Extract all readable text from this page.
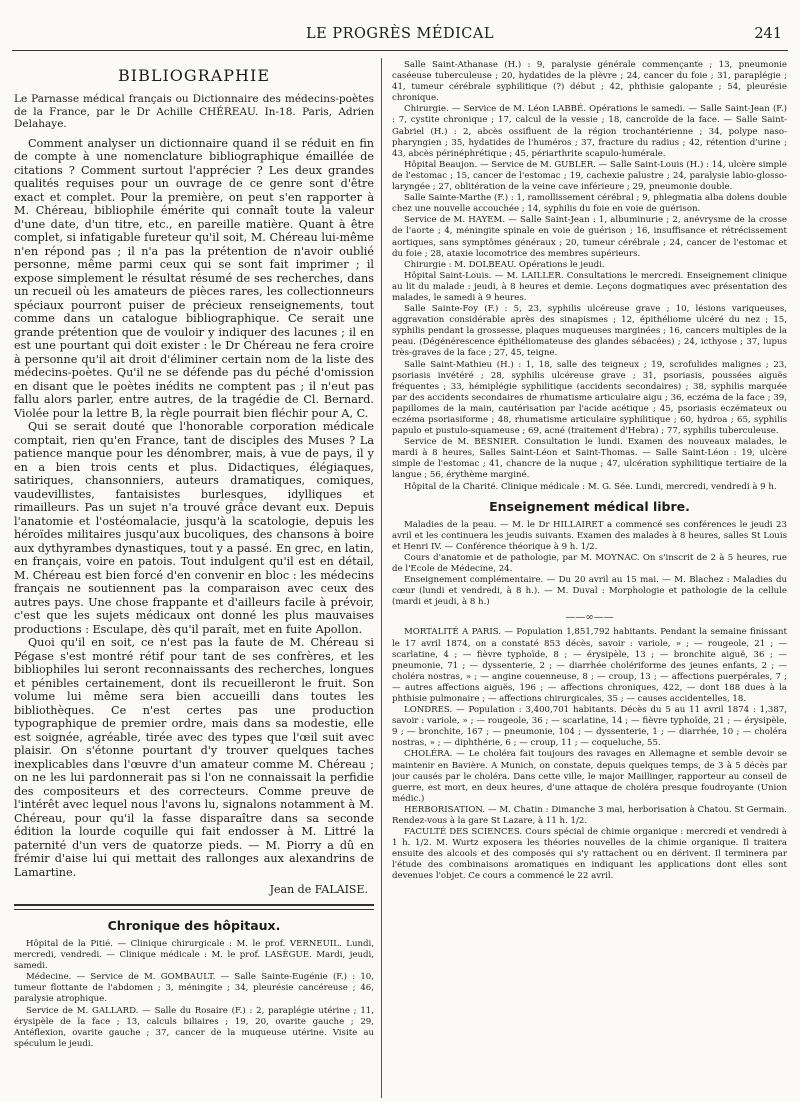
LE PROGRÈS MÉDICAL	241
BIBLIOGRAPHIE

Le Parnasse médical français ou Dictionnaire des médecins-poètes de la France, par le Dr Achille CHÉREAU. In-18. Paris, Adrien Delahaye.

Comment analyser un dictionnaire quand il se réduit en fin de compte à une nomenclature bibliographique émaillée de citations ? Comment surtout l'apprécier ? Les deux grandes qualités requises pour un ouvrage de ce genre sont d'être exact et complet. Pour la première, on peut s'en rapporter à M. Chéreau, bibliophile émérite qui connaît toute la valeur d'une date, d'un titre, etc., en pareille matière. Quant à être complet, si infatigable fureteur qu'il soit, M. Chéreau lui-même n'en répond pas ; il n'a pas la prétention de n'avoir oublié personne, même parmi ceux qui se sont fait imprimer ; il expose simplement le résultat résumé de ses recherches, dans un recueil où les amateurs de pièces rares, les collectionneurs spéciaux pourront puiser de précieux renseignements, tout comme dans un catalogue bibliographique. Ce serait une grande prétention que de vouloir y indiquer des lacunes ; il en est une pourtant qui doit exister : le Dr Chéreau ne fera croire à personne qu'il ait droit d'éliminer certain nom de la liste des médecins-poètes. Qu'il ne se défende pas du péché d'omission en disant que le poètes inédits ne comptent pas ; il n'eut pas fallu alors parler, entre autres, de la tragédie de Cl. Bernard. Violée pour la lettre B, la règle pourrait bien fléchir pour A, C.

Qui se serait douté que l'honorable corporation médicale comptait, rien qu'en France, tant de disciples des Muses ? La patience manque pour les dénombrer, mais, à vue de pays, il y en a bien trois cents et plus. Didactiques, élégiaques, satiriques, chansonniers, auteurs dramatiques, comiques, vaudevillistes, fantaisistes burlesques, idylliques et rimailleurs. Pas un sujet n'a trouvé grâce devant eux. Depuis l'anatomie et l'ostéomalacie, jusqu'à la scatologie, depuis les héroïdes militaires jusqu'aux bucoliques, des chansons à boire aux dythyrambes dynastiques, tout y a passé. En grec, en latin, en français, voire en patois. Tout indulgent qu'il est en détail, M. Chéreau est bien forcé d'en convenir en bloc : les médecins français ne soutiennent pas la comparaison avec ceux des autres pays. Une chose frappante et d'ailleurs facile à prévoir, c'est que les sujets médicaux ont donné les plus mauvaises productions : Esculape, dès qu'il paraît, met en fuite Apollon.

Quoi qu'il en soit, ce n'est pas la faute de M. Chéreau si Pégase s'est montré rétif pour tant de ses confrères, et les bibliophiles lui seront reconnaissants des recherches, longues et pénibles certainement, dont ils recueilleront le fruit. Son volume lui même sera bien accueilli dans toutes les bibliothèques. Ce n'est certes pas une production typographique de premier ordre, mais dans sa modestie, elle est soignée, agréable, tirée avec des types que l'œil suit avec plaisir. On s'étonne pourtant d'y trouver quelques taches inexplicables dans l'œuvre d'un amateur comme M. Chéreau ; on ne les lui pardonnerait pas si l'on ne connaissait la perfidie des compositeurs et des correcteurs. Comme preuve de l'intérêt avec lequel nous l'avons lu, signalons notamment à M. Chéreau, pour qu'il la fasse disparaître dans sa seconde édition la lourde coquille qui fait endosser à M. Littré la paternité d'un vers de quatorze pieds. — M. Piorry a dû en frémir d'aise lui qui mettait des rallonges aux alexandrins de Lamartine.

Jean de FALAISE.
Chronique des hôpitaux.

Hôpital de la Pitié. — Clinique chirurgicale : M. le prof. VERNEUIL. Lundi, mercredi, vendredi. — Clinique médicale : M. le prof. LASÈGUE. Mardi, jeudi, samedi.

Médecine. — Service de M. GOMBAULT. — Salle Sainte-Eugénie (F.) : 10, tumeur flottante de l'abdomen ; 3, méningite ; 34, pleurésie cancéreuse ; 46, paralysie atrophique.

Service de M. GALLARD. — Salle du Rosaire (F.) : 2, paraplégie utérine ; 11, érysipèle de la face ; 13, calculs biliaires ; 19, 20, ovarite gauche ; 29, Antéflexion, ovarite gauche ; 37, cancer de la muqueuse utérine. Visite au spéculum le jeudi.

Salle Saint-Athanase (H.) : 9, paralysie générale commençante ; 13, pneumonie caséeuse tuberculeuse ; 20, hydatides de la plèvre ; 24, cancer du foie ; 31, paraplégie ; 41, tumeur cérébrale syphilitique (?) début ; 42, phthisie galopante ; 54, pleurésie chronique.

Chirurgie. — Service de M. Léon LABBÉ. Opérations le samedi. — Salle Saint-Jean (F.) : 7, cystite chronique ; 17, calcul de la vessie ; 18, cancroïde de la face. — Salle Saint-Gabriel (H.) : 2, abcès ossifluent de la région trochantérienne ; 34, polype naso-pharyngien ; 35, hydatides de l'huméros ; 37, fracture du radius ; 42, rétention d'urine ; 43, abcès périnéphrétique ; 45, périarthrite scapulo-humérale.

Hôpital Beaujon. — Service de M. GUBLER. — Salle Saint-Louis (H.) : 14, ulcère simple de l'estomac ; 15, cancer de l'estomac ; 19, cachexie palustre ; 24, paralysie labio-glosso-laryngée ; 27, oblitération de la veine cave inférieure ; 29, pneumonie double.

Salle Sainte-Marthe (F.) : 1, ramollissement cérébral ; 9, phlegmatia alba dolens double chez une nouvelle accouchée ; 14, syphilis du foie en voie de guérison.

Service de M. HAYEM. — Salle Saint-Jean : 1, albuminurie ; 2, anévrysme de la crosse de l'aorte ; 4, méningite spinale en voie de guérison ; 16, insuffisance et rétrécissement aortiques, sans symptômes généraux ; 20, tumeur cérébrale ; 24, cancer de l'estomac et du foie ; 28, ataxie locomotrice des membres supérieurs.

Chirurgie : M. DOLBEAU. Opérations le jeudi.

Hôpital Saint-Louis. — M. LAILLER. Consultations le mercredi. Enseignement clinique au lit du malade : jeudi, à 8 heures et demie. Leçons dogmatiques avec présentation des malades, le samedi à 9 heures.

Salle Sainte-Foy (F.) : 5, 23, syphilis ulcéreuse grave ; 10, lésions variqueuses, aggravation considérable après des sinapismes ; 12, épithéliome ulcéré du nez ; 15, syphilis pendant la grossesse, plaques muqueuses marginées ; 16, cancers multiples de la peau. (Dégénérescence épithéliomateuse des glandes sébacées) ; 24, icthyose ; 37, lupus très-graves de la face ; 27, 45, teigne.

Salle Saint-Mathieu (H.) : 1, 18, salle des teigneux ; 19, scrofulides malignes ; 23, psoriasis invétéré ; 28, syphilis ulcéreuse grave ; 31, psoriasis, poussées aiguës fréquentes ; 33, hémiplégie syphilitique (accidents secondaires) ; 38, syphilis marquée par des accidents secondaires de rhumatisme articulaire aigu ; 36, eczéma de la face ; 39, papillomes de la main, cautérisation par l'acide acétique ; 45, psoriasis eczémateux ou eczéma psoriasiforme ; 48, rhumatisme articulaire syphilitique ; 60, hydroa ; 65, syphilis papulo et pustulo-squameuse ; 69, acné (traitement d'Hebra) ; 77, syphilis tuberculeuse.

Service de M. BESNIER. Consultation le lundi. Examen des nouveaux malades, le mardi à 8 heures, Salles Saint-Léon et Saint-Thomas. — Salle Saint-Léon : 19, ulcère simple de l'estomac ; 41, chancre de la nuque ; 47, ulcération syphilitique tertiaire de la langue ; 56, érythème marginé.

Hôpital de la Charité. Clinique médicale : M. G. Sée. Lundi, mercredi, vendredi à 9 h.

Enseignement médical libre.

Maladies de la peau. — M. le Dr HILLAIRET a commencé ses conférences le jeudi 23 avril et les continuera les jeudis suivants. Examen des malades à 8 heures, salles St Louis et Henri IV. — Conférence théorique à 9 h. 1/2.

Cours d'anatomie et de pathologie, par M. MOYNAC. On s'inscrit de 2 à 5 heures, rue de l'Ecole de Médecine, 24.

Enseignement complémentaire. — Du 20 avril au 15 mai. — M. Blachez : Maladies du cœur (lundi et vendredi, à 8 h.). — M. Duval : Morphologie et pathologie de la cellule (mardi et jeudi, à 8 h.)

——∞——

MORTALITÉ A PARIS. — Population 1,851,792 habitants. Pendant la semaine finissant le 17 avril 1874, on a constaté 853 décès, savoir : variole, » ; — rougeole, 21 ; — scarlatine, 4 ; — fièvre typhoïde, 8 ; — érysipèle, 13 ; — bronchite aiguë, 36 ; — pneumonie, 71 ; — dyssenterie, 2 ; — diarrhée cholériforme des jeunes enfants, 2 ; — choléra nostras, » ; — angine couenneuse, 8 ; — croup, 13 ; — affections puerpérales, 7 ; — autres affections aiguës, 196 ; — affections chroniques, 422, — dont 188 dues à la phthisie pulmonaire ; — affections chirurgicales, 35 ; — causes accidentelles, 18.

LONDRES. — Population : 3,400,701 habitants. Décès du 5 au 11 avril 1874 : 1,387, savoir : variole, » ; — rougeole, 36 ; — scarlatine, 14 ; — fièvre typhoïde, 21 ; — érysipèle, 9 ; — bronchite, 167 ; — pneumonie, 104 ; — dyssenterie, 1 ; — diarrhée, 10 ; — choléra nostras, » ; — diphthérie, 6 ; — croup, 11 ; — coqueluche, 55.

CHOLÉRA. — Le choléra fait toujours des ravages en Allemagne et semble devoir se maintenir en Bavière. A Munich, on constate, depuis quelques temps, de 3 à 5 décès par jour causés par le choléra. Dans cette ville, le major Maillinger, rapporteur au conseil de guerre, est mort, en deux heures, d'une attaque de choléra presque foudroyante (Union médic.)

HERBORISATION. — M. Chatin : Dimanche 3 mai, herborisation à Chatou. St Germain. Rendez-vous à la gare St Lazare, à 11 h. 1/2.

FACULTÉ DES SCIENCES. Cours spécial de chimie organique : mercredi et vendredi à 1 h. 1/2. M. Wurtz exposera les théories nouvelles de la chimie organique. Il traitera ensuite des alcools et des composés qui s'y rattachent ou en dérivent. Il terminera par l'étude des combinaisons aromatiques en indiquant les applications dont elles sont devenues l'objet. Ce cours a commencé le 22 avril.
